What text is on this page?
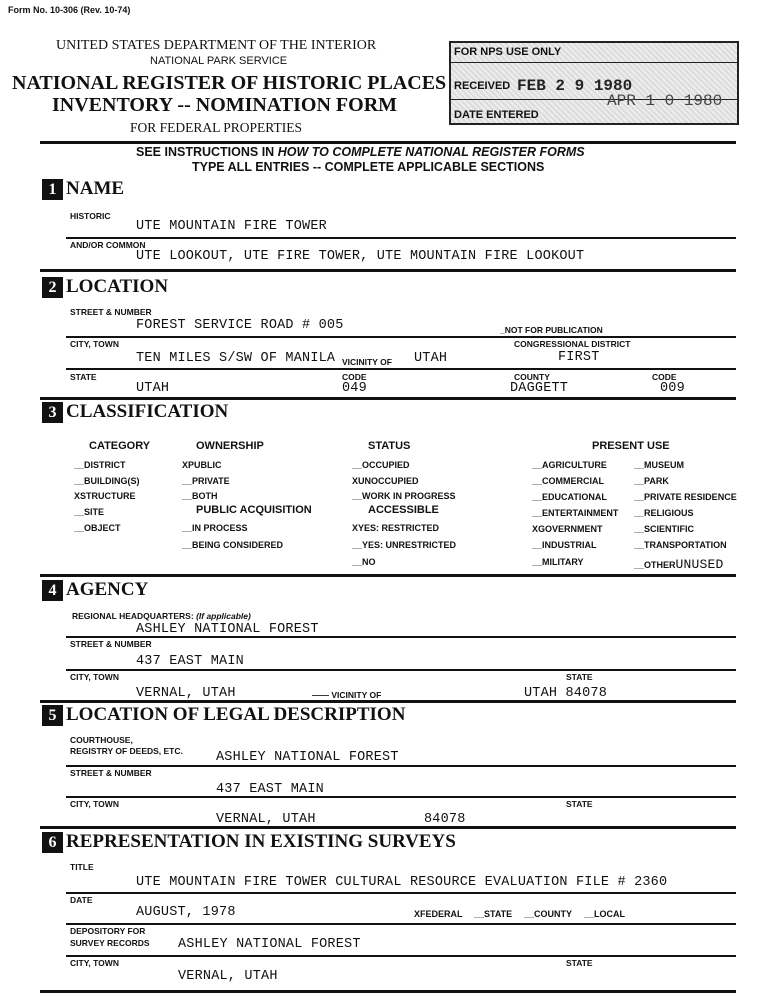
Form No. 10-306 (Rev. 10-74)
UNITED STATES DEPARTMENT OF THE INTERIOR
NATIONAL PARK SERVICE
NATIONAL REGISTER OF HISTORIC PLACES
INVENTORY -- NOMINATION FORM
FOR FEDERAL PROPERTIES
FOR NPS USE ONLY
RECEIVED FEB 2 9 1980
APR 1 0 1980
DATE ENTERED
SEE INSTRUCTIONS IN HOW TO COMPLETE NATIONAL REGISTER FORMS
TYPE ALL ENTRIES -- COMPLETE APPLICABLE SECTIONS
1 NAME
HISTORIC
UTE MOUNTAIN FIRE TOWER
AND/OR COMMON
UTE LOOKOUT, UTE FIRE TOWER, UTE MOUNTAIN FIRE LOOKOUT
2 LOCATION
STREET & NUMBER
FOREST SERVICE ROAD # 005	_NOT FOR PUBLICATION
CITY, TOWN	CONGRESSIONAL DISTRICT
TEN MILES S/SW OF MANILA VICINITY OF UTAH	FIRST
STATE	CODE	COUNTY	CODE
UTAH	049	DAGGETT	009
3 CLASSIFICATION
CATEGORY
__DISTRICT
__BUILDING(S)
XSTRUCTURE
__SITE
__OBJECT
OWNERSHIP
XPUBLIC
__PRIVATE
__BOTH
PUBLIC ACQUISITION
__IN PROCESS
__BEING CONSIDERED
STATUS
__OCCUPIED
XUNOCCUPIED
__WORK IN PROGRESS
ACCESSIBLE
XYES: RESTRICTED
__YES: UNRESTRICTED
__NO
PRESENT USE
__AGRICULTURE
__COMMERCIAL
__EDUCATIONAL
__ENTERTAINMENT
XGOVERNMENT
__INDUSTRIAL
__MILITARY
__MUSEUM
__PARK
__PRIVATE RESIDENCE
__RELIGIOUS
__SCIENTIFIC
__TRANSPORTATION
__OTHERUNUSED
4 AGENCY
REGIONAL HEADQUARTERS: (If applicable)
ASHLEY NATIONAL FOREST
STREET & NUMBER
437 EAST MAIN
CITY, TOWN	STATE
VERNAL, UTAH	—— VICINITY OF	UTAH 84078
5 LOCATION OF LEGAL DESCRIPTION
COURTHOUSE,
REGISTRY OF DEEDS, ETC. ASHLEY NATIONAL FOREST
STREET & NUMBER
437 EAST MAIN
CITY, TOWN	STATE
VERNAL, UTAH	84078
6 REPRESENTATION IN EXISTING SURVEYS
TITLE
UTE MOUNTAIN FIRE TOWER CULTURAL RESOURCE EVALUATION FILE # 2360
DATE
AUGUST, 1978	XFEDERAL __STATE __COUNTY __LOCAL
DEPOSITORY FOR
SURVEY RECORDS ASHLEY NATIONAL FOREST
CITY, TOWN	STATE
VERNAL, UTAH
